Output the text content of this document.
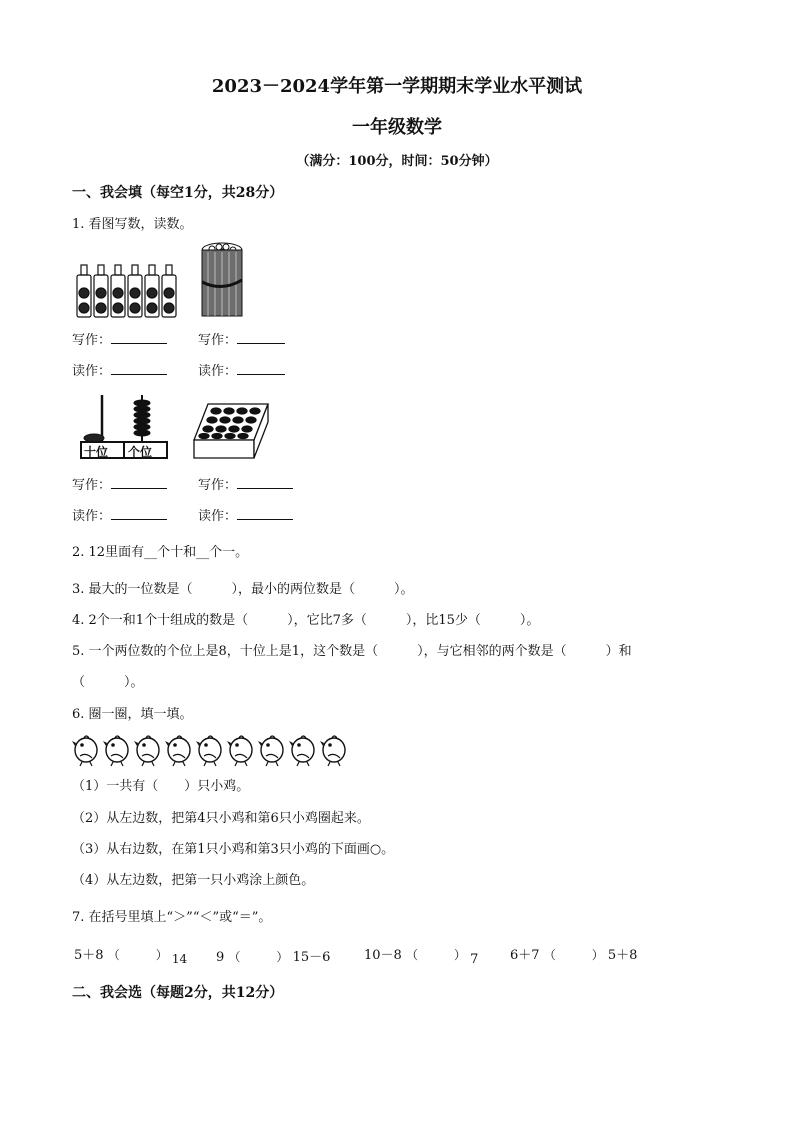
2023－2024学年第一学期期末学业水平测试
一年级数学
（满分：100分，时间：50分钟）
一、我会填（每空1分，共28分）
1. 看图写数，读数。
写作：	写作：
读作：	读作：
十位 个位
写作：	写作：
读作：	读作：
2. 12里面有__个十和__个一。
3. 最大的一位数是（　　　），最小的两位数是（　　　）。
4. 2个一和1个十组成的数是（　　　），它比7多（　　　），比15少（　　　）。
5. 一个两位数的个位上是8，十位上是1，这个数是（　　　），与它相邻的两个数是（　　　）和
（　　　）。
6. 圈一圈，填一填。
（1）一共有（　　）只小鸡。
（2）从左边数，把第4只小鸡和第6只小鸡圈起来。
（3）从右边数，在第1只小鸡和第3只小鸡的下面画○。
（4）从左边数，把第一只小鸡涂上颜色。
7. 在括号里填上“＞”“＜”或“＝”。
5＋8 （　　　） 14 9 （　　　） 15－6	10－8 （　　　） 7 6＋7 （　　　） 5＋8
二、我会选（每题2分，共12分）
